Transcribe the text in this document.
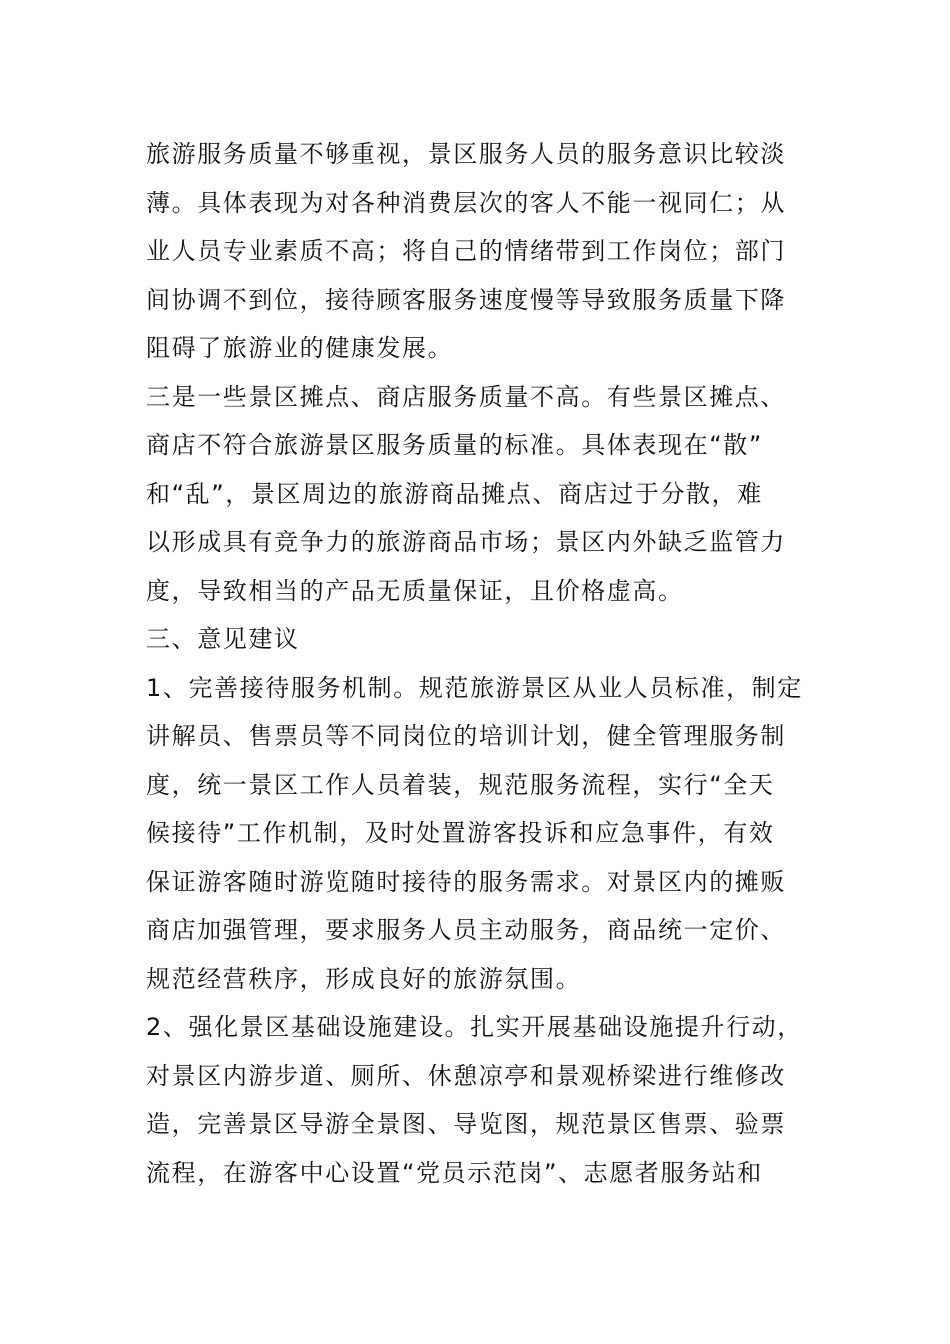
旅游服务质量不够重视，景区服务人员的服务意识比较淡
薄。具体表现为对各种消费层次的客人不能一视同仁；从
业人员专业素质不高；将自己的情绪带到工作岗位；部门
间协调不到位，接待顾客服务速度慢等导致服务质量下降
阻碍了旅游业的健康发展。
三是一些景区摊点、商店服务质量不高。有些景区摊点、
商店不符合旅游景区服务质量的标准。具体表现在“散”
和“乱”，景区周边的旅游商品摊点、商店过于分散，难
以形成具有竞争力的旅游商品市场；景区内外缺乏监管力
度，导致相当的产品无质量保证，且价格虚高。
三、意见建议
1、完善接待服务机制。规范旅游景区从业人员标准，制定
讲解员、售票员等不同岗位的培训计划，健全管理服务制
度，统一景区工作人员着装，规范服务流程，实行“全天
候接待”工作机制，及时处置游客投诉和应急事件，有效
保证游客随时游览随时接待的服务需求。对景区内的摊贩
商店加强管理，要求服务人员主动服务，商品统一定价、
规范经营秩序，形成良好的旅游氛围。
2、强化景区基础设施建设。扎实开展基础设施提升行动，
对景区内游步道、厕所、休憩凉亭和景观桥梁进行维修改
造，完善景区导游全景图、导览图，规范景区售票、验票
流程，在游客中心设置“党员示范岗”、志愿者服务站和
